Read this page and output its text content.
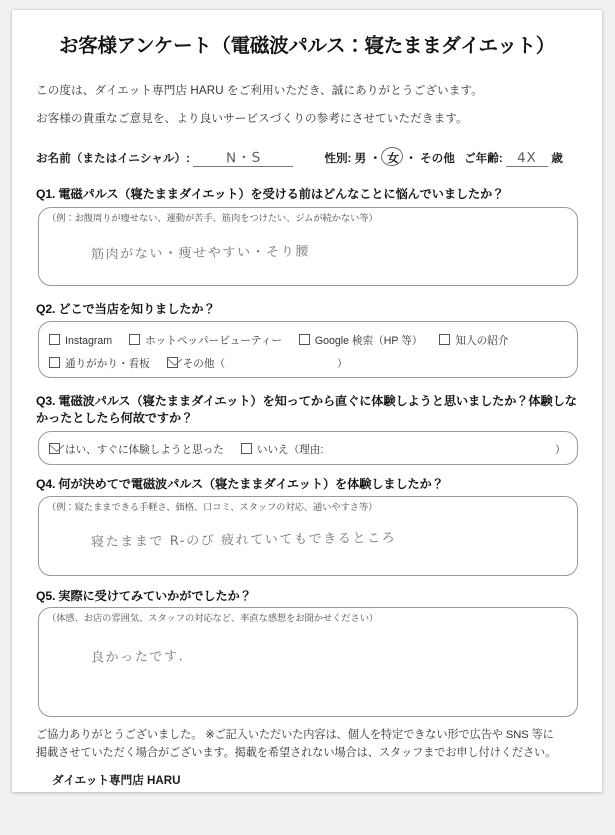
お客様アンケート（電磁波パルス：寝たままダイエット）
この度は、ダイエット専門店 HARU をご利用いただき、誠にありがとうございます。
お客様の貴重なご意見を、より良いサービスづくりの参考にさせていただきます。
お名前（またはイニシャル）:	N・S	性別: 男 ・ 女 ・ その他 ご年齢: 4X 歳
Q1. 電磁パルス（寝たままダイエット）を受ける前はどんなことに悩んでいましたか？
（例：お腹周りが痩せない、運動が苦手、筋肉をつけたい、ジムが続かない等）
筋肉がない・痩せやすい・そり腰
Q2. どこで当店を知りましたか？
Instagram	ホットペッパービューティー	Google 検索（HP 等）	知人の紹介
通りがかり・看板	その他（	）
Q3. 電磁波パルス（寝たままダイエット）を知ってから直ぐに体験しようと思いましたか？体験しなかったとしたら何故ですか？
はい、すぐに体験しようと思った	いいえ（理由:	）
Q4. 何が決めてで電磁波パルス（寝たままダイエット）を体験しましたか？
（例：寝たままできる手軽さ、価格、口コミ、スタッフの対応、通いやすさ等）
寝たままで R-のび 疲れていてもできるところ
Q5. 実際に受けてみていかがでしたか？
（体感、お店の雰囲気、スタッフの対応など、率直な感想をお聞かせください）
良かったです.
ご協力ありがとうございました。 ※ご記入いただいた内容は、個人を特定できない形で広告や SNS 等に
掲載させていただく場合がございます。掲載を希望されない場合は、スタッフまでお申し付けください。
ダイエット専門店 HARU
